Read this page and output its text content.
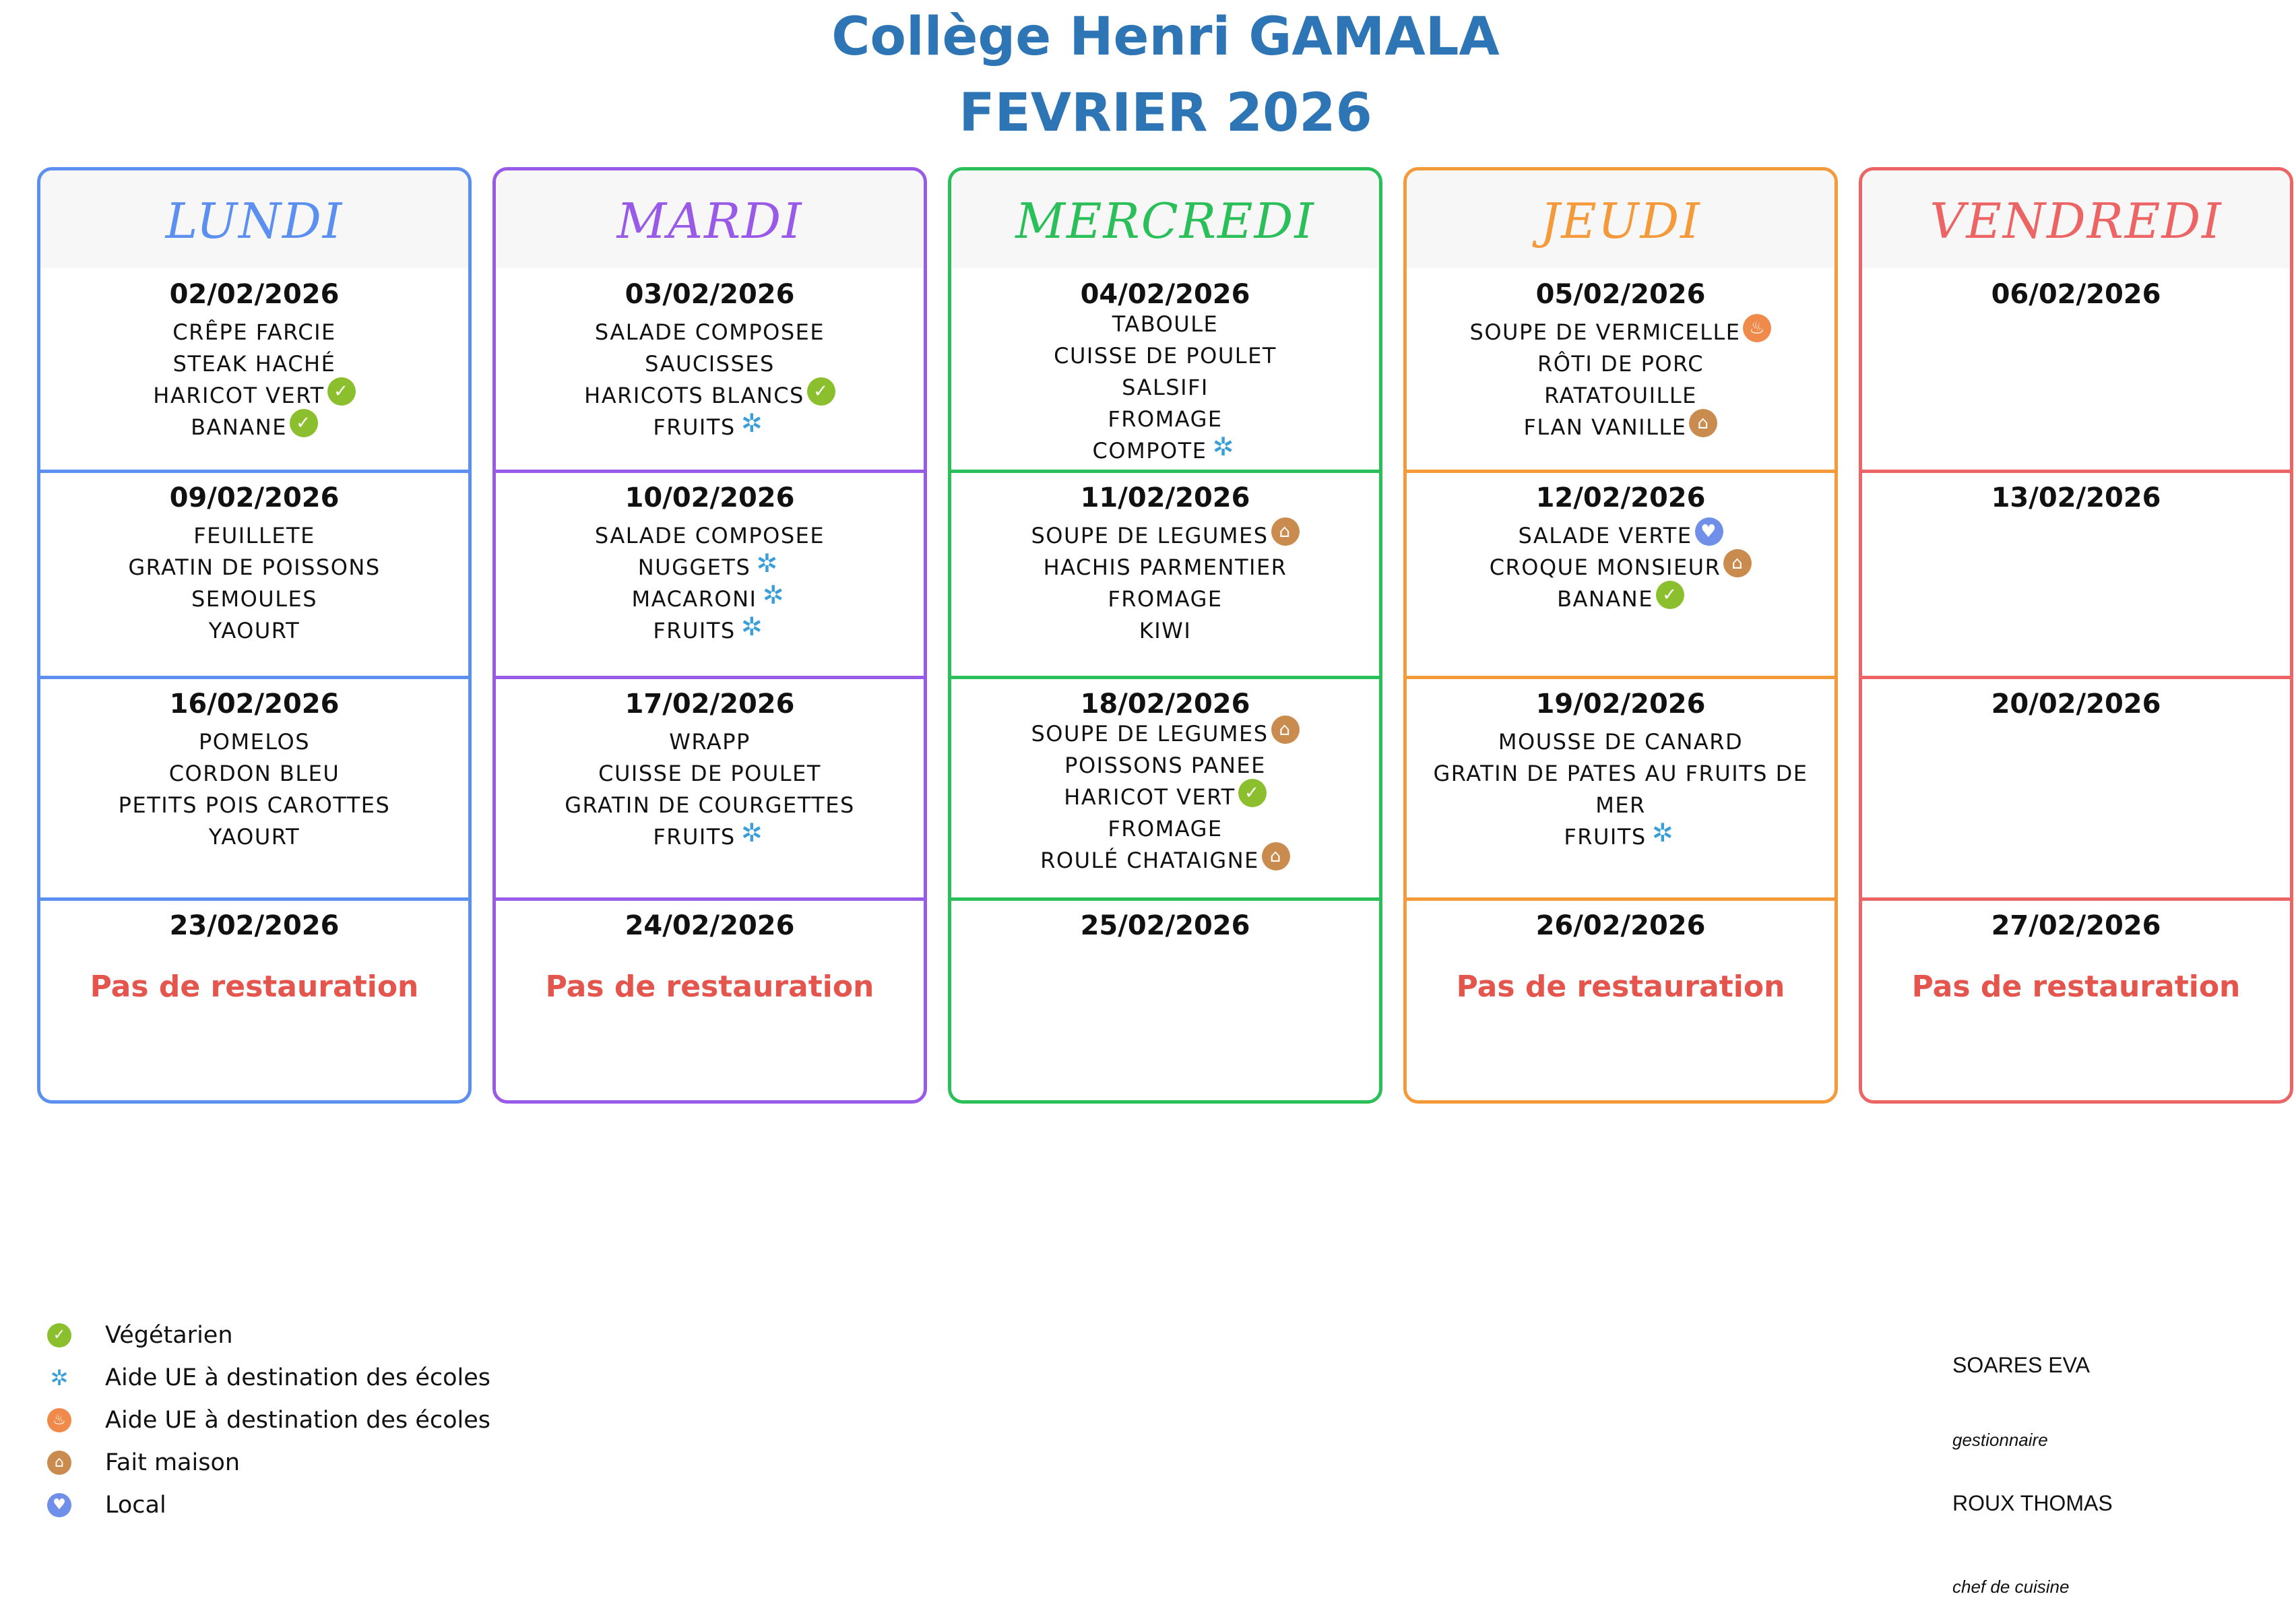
Collège Henri GAMALA
FEVRIER 2026
LUNDI
02/02/2026
CRÊPE FARCIE
STEAK HACHÉ
HARICOT VERT ✓
BANANE ✓
09/02/2026
FEUILLETE
GRATIN DE POISSONS
SEMOULES
YAOURT
16/02/2026
POMELOS
CORDON BLEU
PETITS POIS CAROTTES
YAOURT
23/02/2026
Pas de restauration
MARDI
03/02/2026
SALADE COMPOSEE
SAUCISSES
HARICOTS BLANCS ✓
FRUITS ✲
10/02/2026
SALADE COMPOSEE
NUGGETS ✲
MACARONI ✲
FRUITS ✲
17/02/2026
WRAPP
CUISSE DE POULET
GRATIN DE COURGETTES
FRUITS ✲
24/02/2026
Pas de restauration
MERCREDI
04/02/2026
TABOULE
CUISSE DE POULET
SALSIFI
FROMAGE
COMPOTE ✲
11/02/2026
SOUPE DE LEGUMES ⌂
HACHIS PARMENTIER
FROMAGE
KIWI
18/02/2026
SOUPE DE LEGUMES ⌂
POISSONS PANEE
HARICOT VERT ✓
FROMAGE
ROULÉ CHATAIGNE ⌂
25/02/2026
JEUDI
05/02/2026
SOUPE DE VERMICELLE ♨
RÔTI DE PORC
RATATOUILLE
FLAN VANILLE ⌂
12/02/2026
SALADE VERTE ♥
CROQUE MONSIEUR ⌂
BANANE ✓
19/02/2026
MOUSSE DE CANARD
GRATIN DE PATES AU FRUITS DE MER
FRUITS ✲
26/02/2026
Pas de restauration
VENDREDI
06/02/2026
13/02/2026
20/02/2026
27/02/2026
Pas de restauration
✓ Végétarien
✲ Aide UE à destination des écoles
♨ Aide UE à destination des écoles
⌂	Fait maison
♥ Local
SOARES EVA
gestionnaire
ROUX THOMAS
chef de cuisine
